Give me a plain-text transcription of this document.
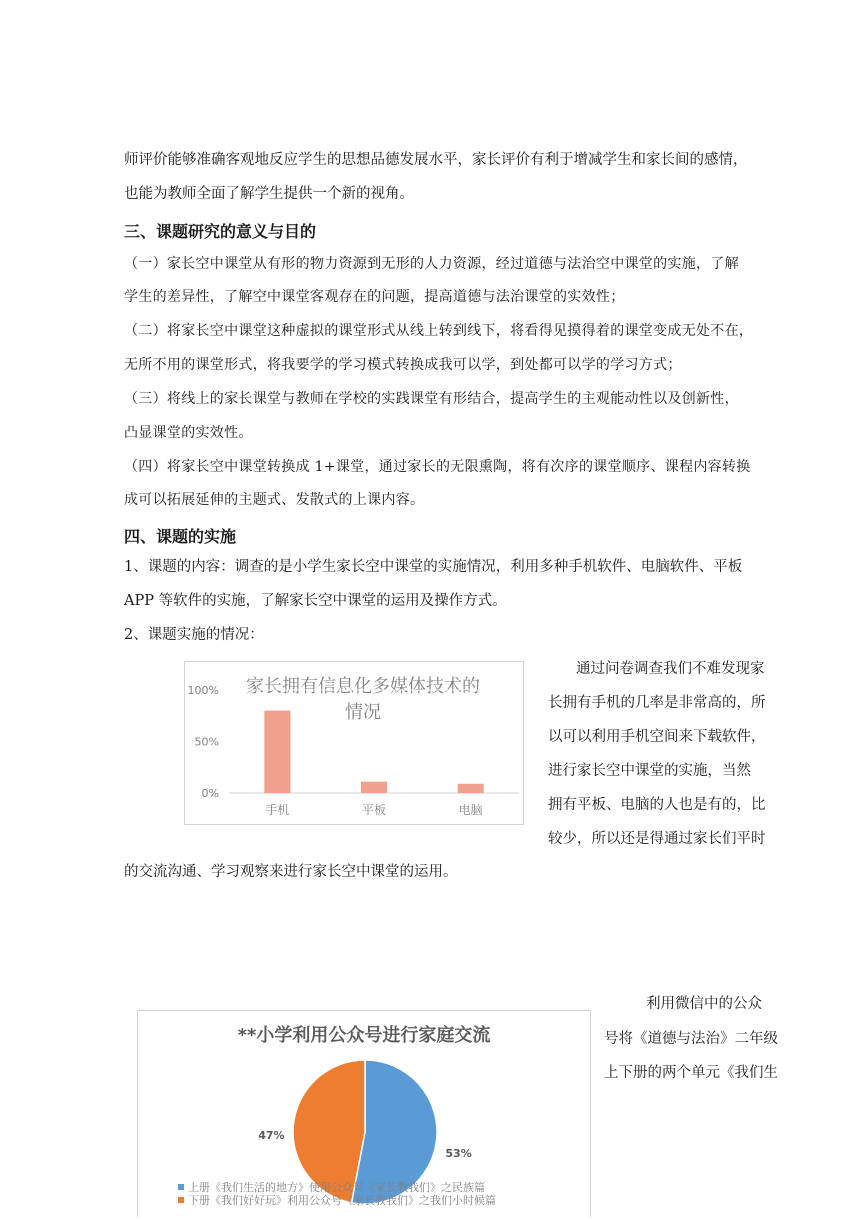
师评价能够准确客观地反应学生的思想品德发展水平，家长评价有利于增减学生和家长间的感情，
也能为教师全面了解学生提供一个新的视角。
三、课题研究的意义与目的
（一）家长空中课堂从有形的物力资源到无形的人力资源，经过道德与法治空中课堂的实施，了解
学生的差异性，了解空中课堂客观存在的问题，提高道德与法治课堂的实效性；
（二）将家长空中课堂这种虚拟的课堂形式从线上转到线下，将看得见摸得着的课堂变成无处不在，
无所不用的课堂形式，将我要学的学习模式转换成我可以学，到处都可以学的学习方式；
（三）将线上的家长课堂与教师在学校的实践课堂有形结合，提高学生的主观能动性以及创新性，
凸显课堂的实效性。
（四）将家长空中课堂转换成 1+课堂，通过家长的无限熏陶，将有次序的课堂顺序、课程内容转换
成可以拓展延伸的主题式、发散式的上课内容。
四、课题的实施
1、课题的内容：调查的是小学生家长空中课堂的实施情况，利用多种手机软件、电脑软件、平板
APP 等软件的实施，了解家长空中课堂的运用及操作方式。
2、课题实施的情况：
通过问卷调查我们不难发现家
长拥有手机的几率是非常高的，所
以可以利用手机空间来下载软件，
进行家长空中课堂的实施，当然
拥有平板、电脑的人也是有的，比
较少，所以还是得通过家长们平时
的交流沟通、学习观察来进行家长空中课堂的运用。
家长拥有信息化多媒体技术的
情况
0%
50%
100%
手机	平板	电脑
利用微信中的公众
号将《道德与法治》二年级
上下册的两个单元《我们生
**小学利用公众号进行家庭交流
53%
47%
上册《我们生活的地方》使用公众号《家长教我们》之民族篇
下册《我们好好玩》利用公众号《家长教我们》之我们小时候篇
